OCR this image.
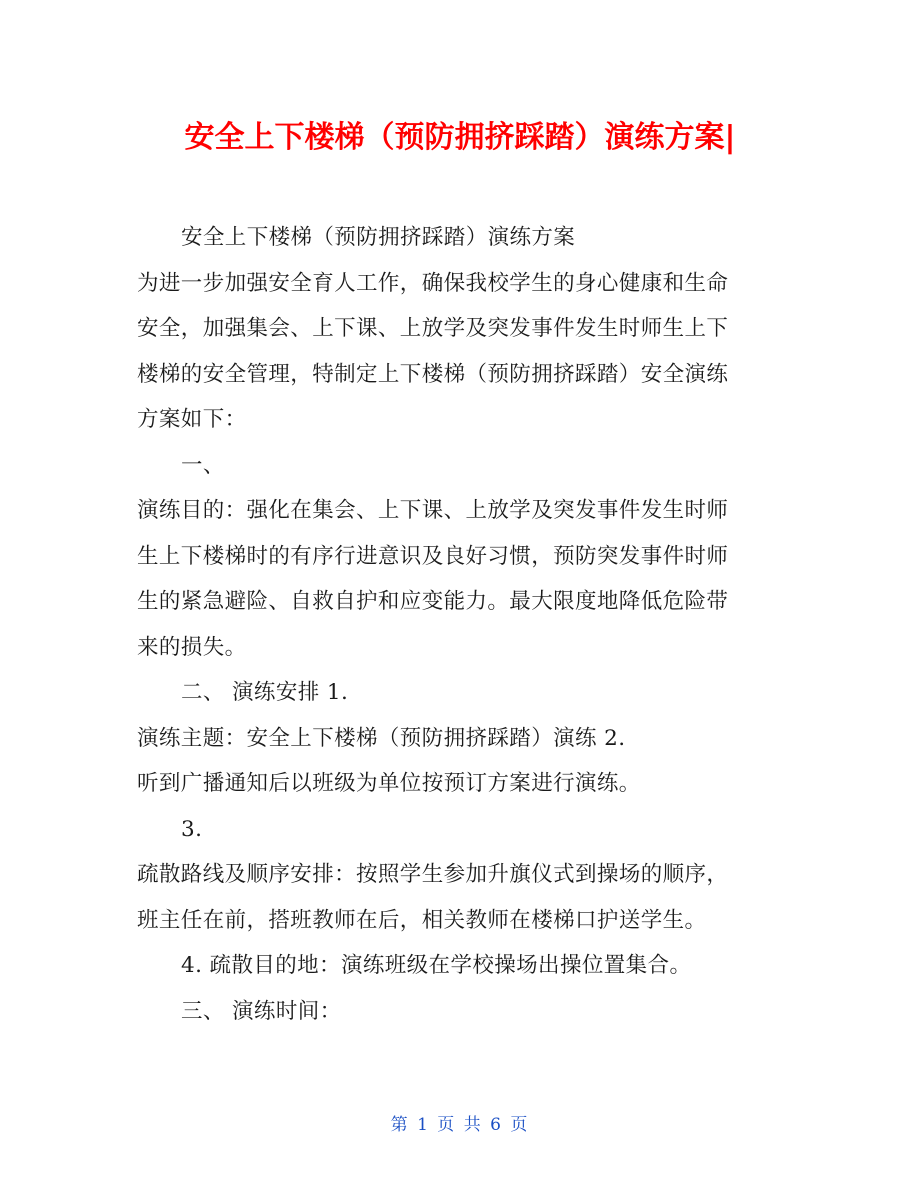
安全上下楼梯（预防拥挤踩踏）演练方案|
安全上下楼梯（预防拥挤踩踏）演练方案
为进一步加强安全育人工作，确保我校学生的身心健康和生命
安全，加强集会、上下课、上放学及突发事件发生时师生上下
楼梯的安全管理，特制定上下楼梯（预防拥挤踩踏）安全演练
方案如下：
一、
演练目的：强化在集会、上下课、上放学及突发事件发生时师
生上下楼梯时的有序行进意识及良好习惯，预防突发事件时师
生的紧急避险、自救自护和应变能力。最大限度地降低危险带
来的损失。
二、 演练安排 1.
演练主题：安全上下楼梯（预防拥挤踩踏）演练 2.
听到广播通知后以班级为单位按预订方案进行演练。
3.
疏散路线及顺序安排：按照学生参加升旗仪式到操场的顺序，
班主任在前，搭班教师在后，相关教师在楼梯口护送学生。
4. 疏散目的地：演练班级在学校操场出操位置集合。
三、 演练时间：
第 1 页 共 6 页
